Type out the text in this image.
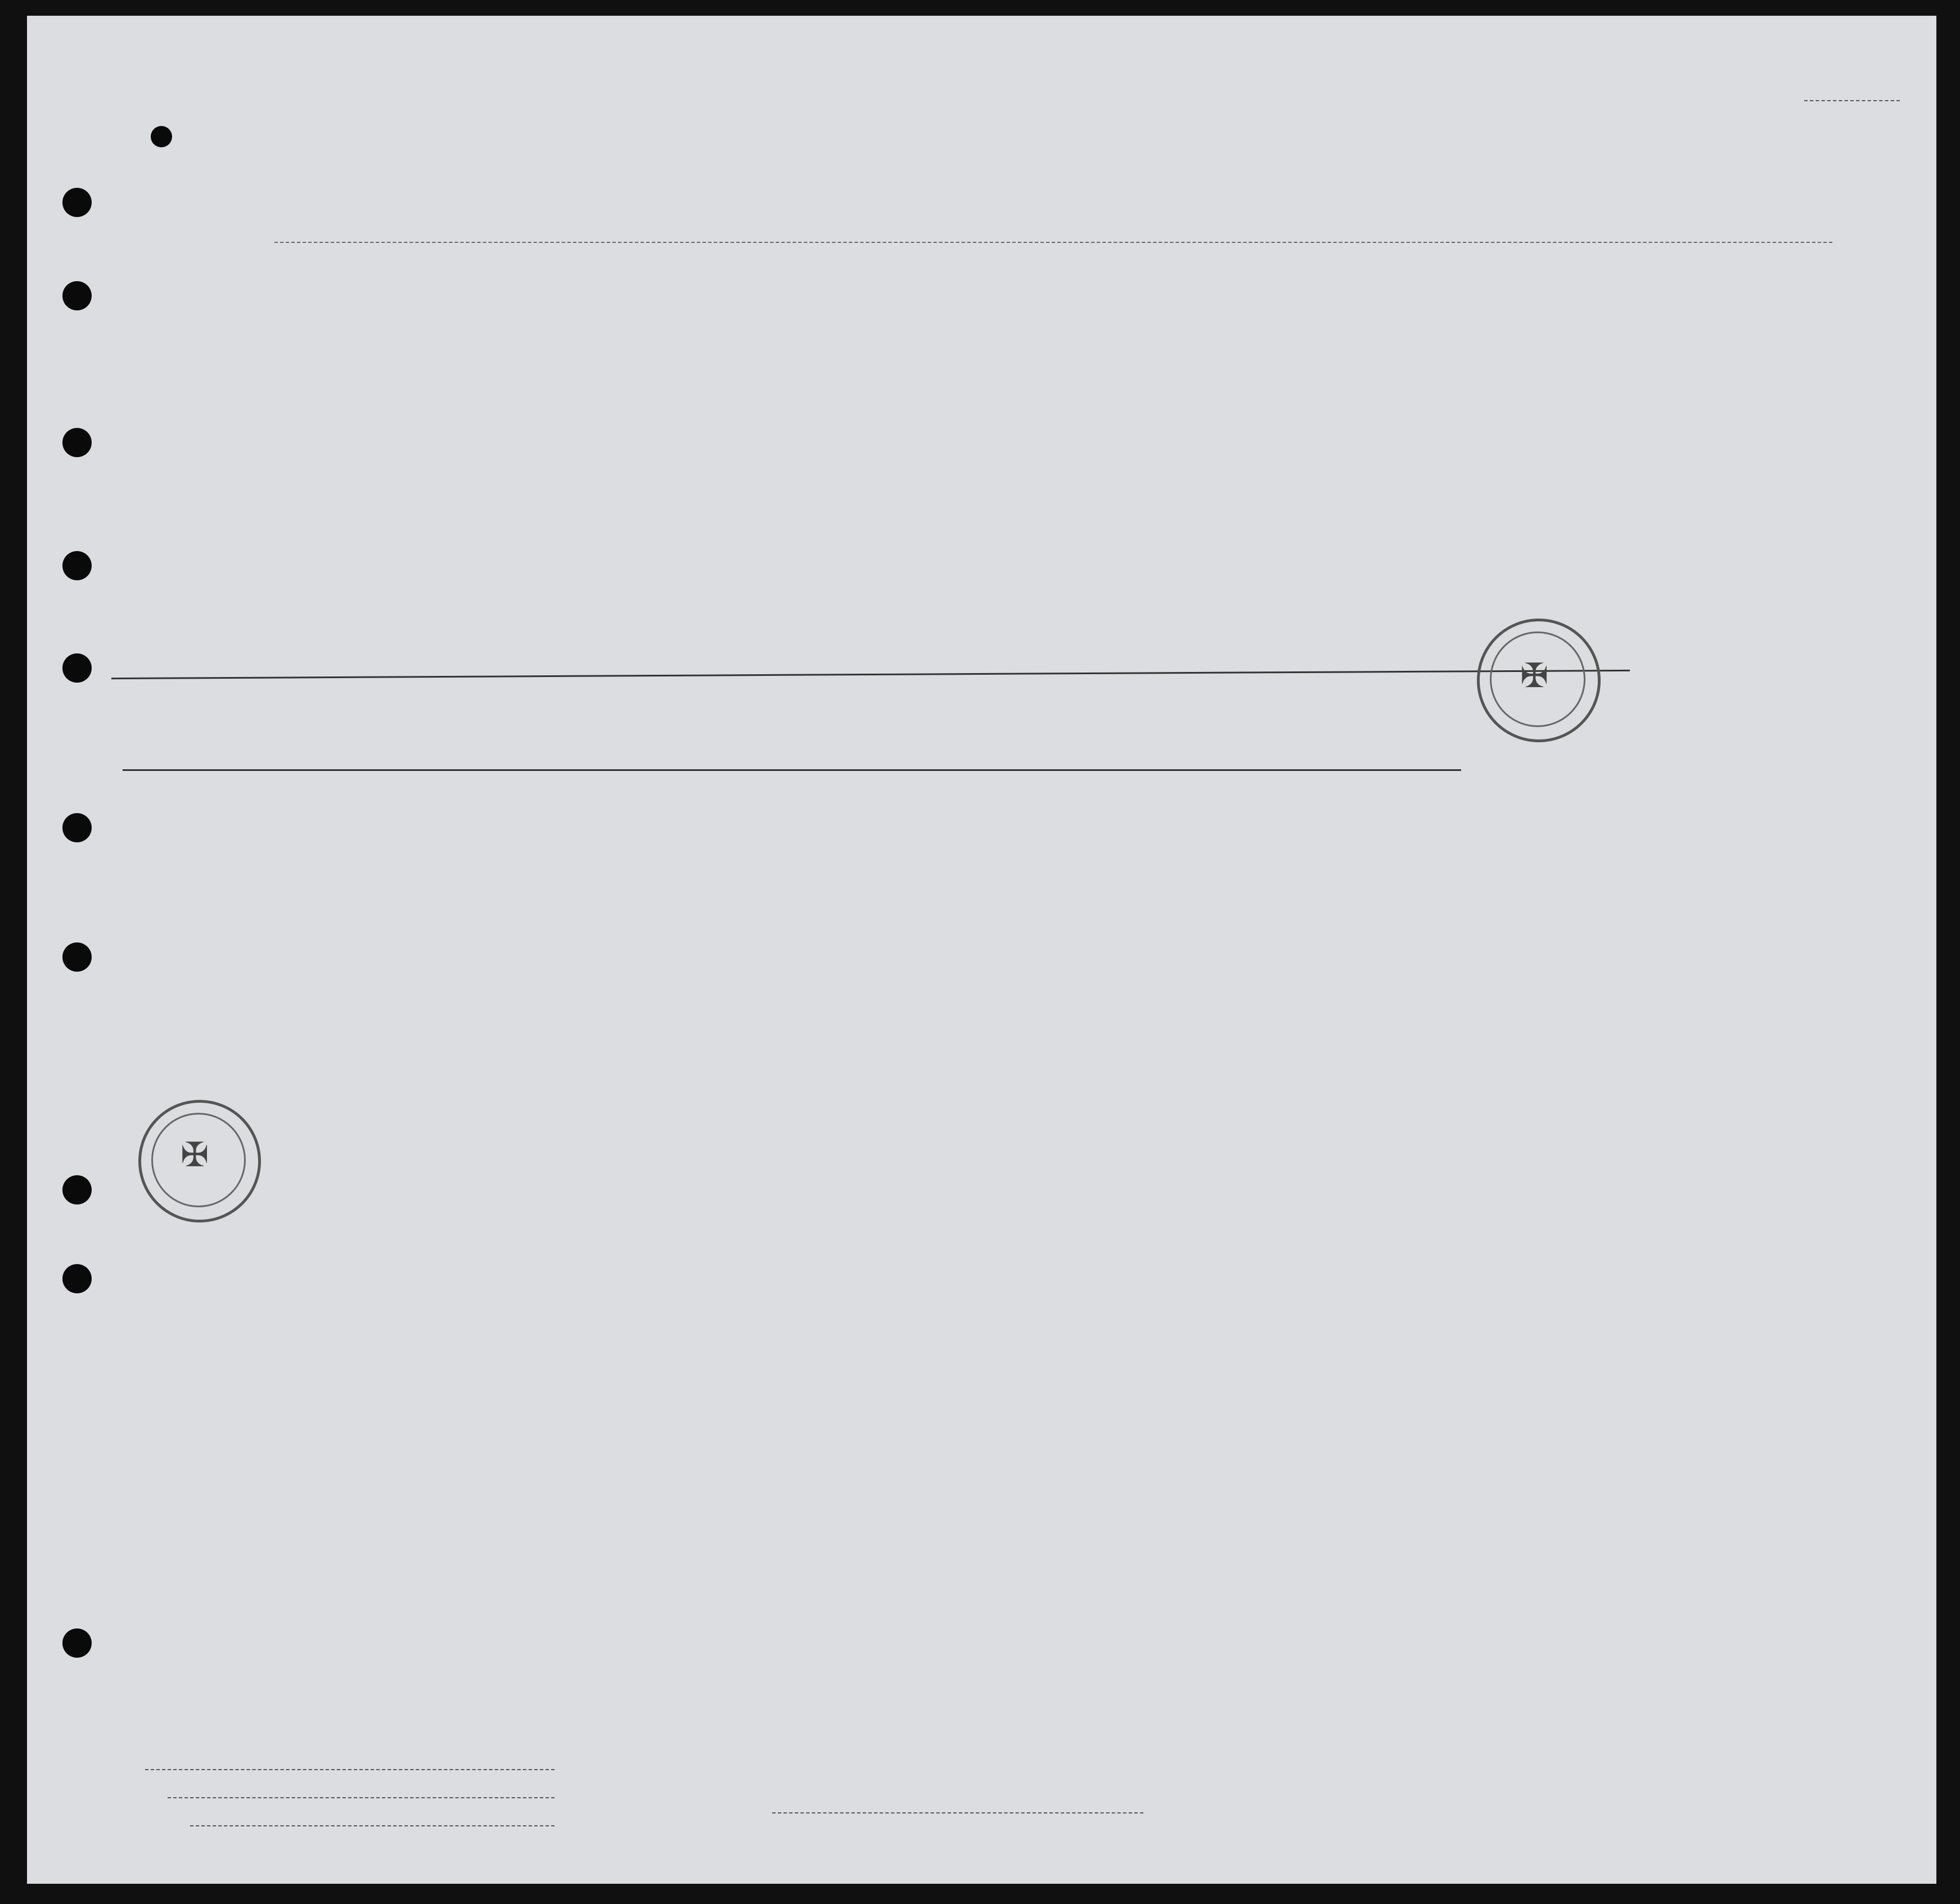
✠
✠
